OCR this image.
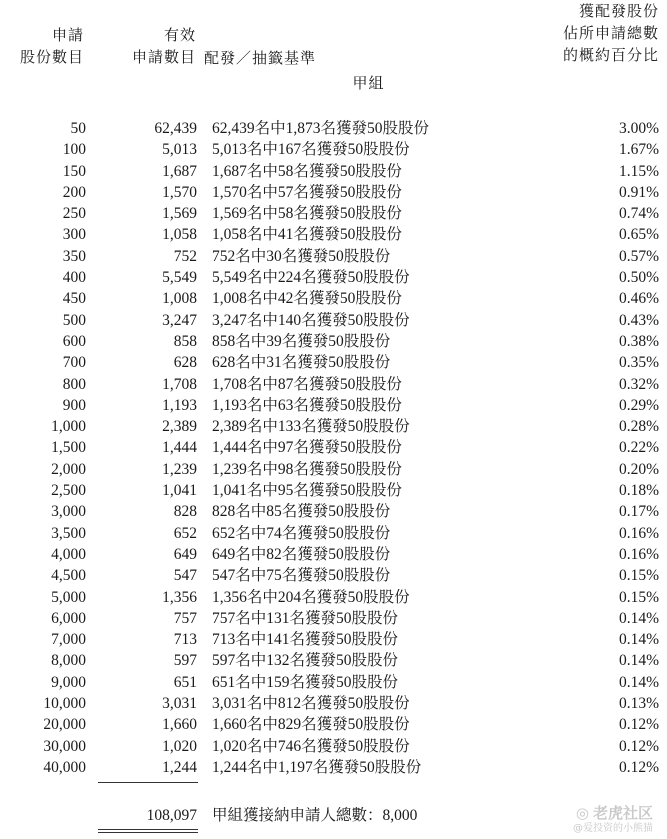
申請
股份數目
有效
申請數目 配發／抽籤基準
獲配發股份
佔所申請總數
的概約百分比
甲組
50	62,439 62,439名中1,873名獲發50股股份	3.00%
100	5,013 5,013名中167名獲發50股股份	1.67%
150	1,687 1,687名中58名獲發50股股份	1.15%
200	1,570 1,570名中57名獲發50股股份	0.91%
250	1,569 1,569名中58名獲發50股股份	0.74%
300	1,058 1,058名中41名獲發50股股份	0.65%
350	752 752名中30名獲發50股股份	0.57%
400	5,549 5,549名中224名獲發50股股份	0.50%
450	1,008 1,008名中42名獲發50股股份	0.46%
500	3,247 3,247名中140名獲發50股股份	0.43%
600	858 858名中39名獲發50股股份	0.38%
700	628 628名中31名獲發50股股份	0.35%
800	1,708 1,708名中87名獲發50股股份	0.32%
900	1,193 1,193名中63名獲發50股股份	0.29%
1,000	2,389 2,389名中133名獲發50股股份	0.28%
1,500	1,444 1,444名中97名獲發50股股份	0.22%
2,000	1,239 1,239名中98名獲發50股股份	0.20%
2,500	1,041 1,041名中95名獲發50股股份	0.18%
3,000	828 828名中85名獲發50股股份	0.17%
3,500	652 652名中74名獲發50股股份	0.16%
4,000	649 649名中82名獲發50股股份	0.16%
4,500	547 547名中75名獲發50股股份	0.15%
5,000	1,356 1,356名中204名獲發50股股份	0.15%
6,000	757 757名中131名獲發50股股份	0.14%
7,000	713 713名中141名獲發50股股份	0.14%
8,000	597 597名中132名獲發50股股份	0.14%
9,000	651 651名中159名獲發50股股份	0.14%
10,000	3,031 3,031名中812名獲發50股股份	0.13%
20,000	1,660 1,660名中829名獲發50股股份	0.12%
30,000	1,020 1,020名中746名獲發50股股份	0.12%
40,000	1,244 1,244名中1,197名獲發50股股份	0.12%
108,097 甲組獲接納申請人總數：8,000	◎ 老虎社区
@爱投资的小熊猫
